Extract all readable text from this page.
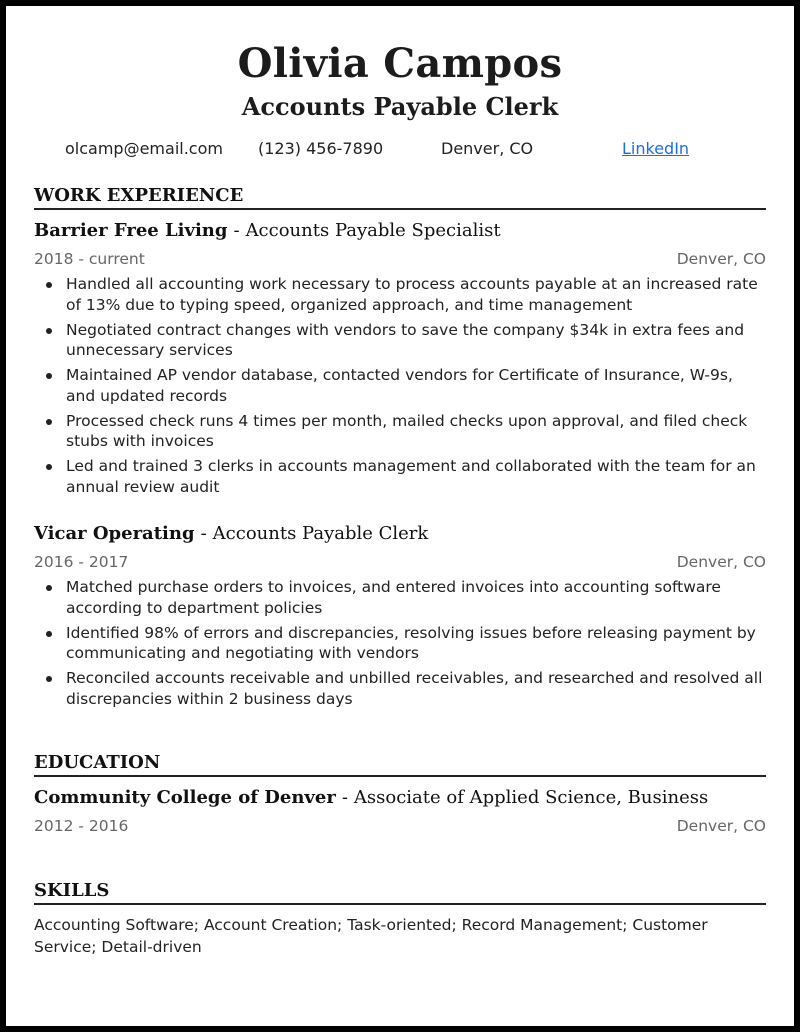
Olivia Campos
Accounts Payable Clerk
olcamp@email.com (123) 456-7890	Denver, CO	LinkedIn
WORK EXPERIENCE
Barrier Free Living - Accounts Payable Specialist
2018 - current	Denver, CO
Handled all accounting work necessary to process accounts payable at an increased rate of 13% due to typing speed, organized approach, and time management
Negotiated contract changes with vendors to save the company $34k in extra fees and unnecessary services
Maintained AP vendor database, contacted vendors for Certificate of Insurance, W-9s, and updated records
Processed check runs 4 times per month, mailed checks upon approval, and filed check stubs with invoices
Led and trained 3 clerks in accounts management and collaborated with the team for an annual review audit
Vicar Operating - Accounts Payable Clerk
2016 - 2017	Denver, CO
Matched purchase orders to invoices, and entered invoices into accounting software according to department policies
Identified 98% of errors and discrepancies, resolving issues before releasing payment by communicating and negotiating with vendors
Reconciled accounts receivable and unbilled receivables, and researched and resolved all discrepancies within 2 business days
EDUCATION
Community College of Denver - Associate of Applied Science, Business
2012 - 2016	Denver, CO
SKILLS
Accounting Software; Account Creation; Task-oriented; Record Management; Customer Service; Detail-driven
